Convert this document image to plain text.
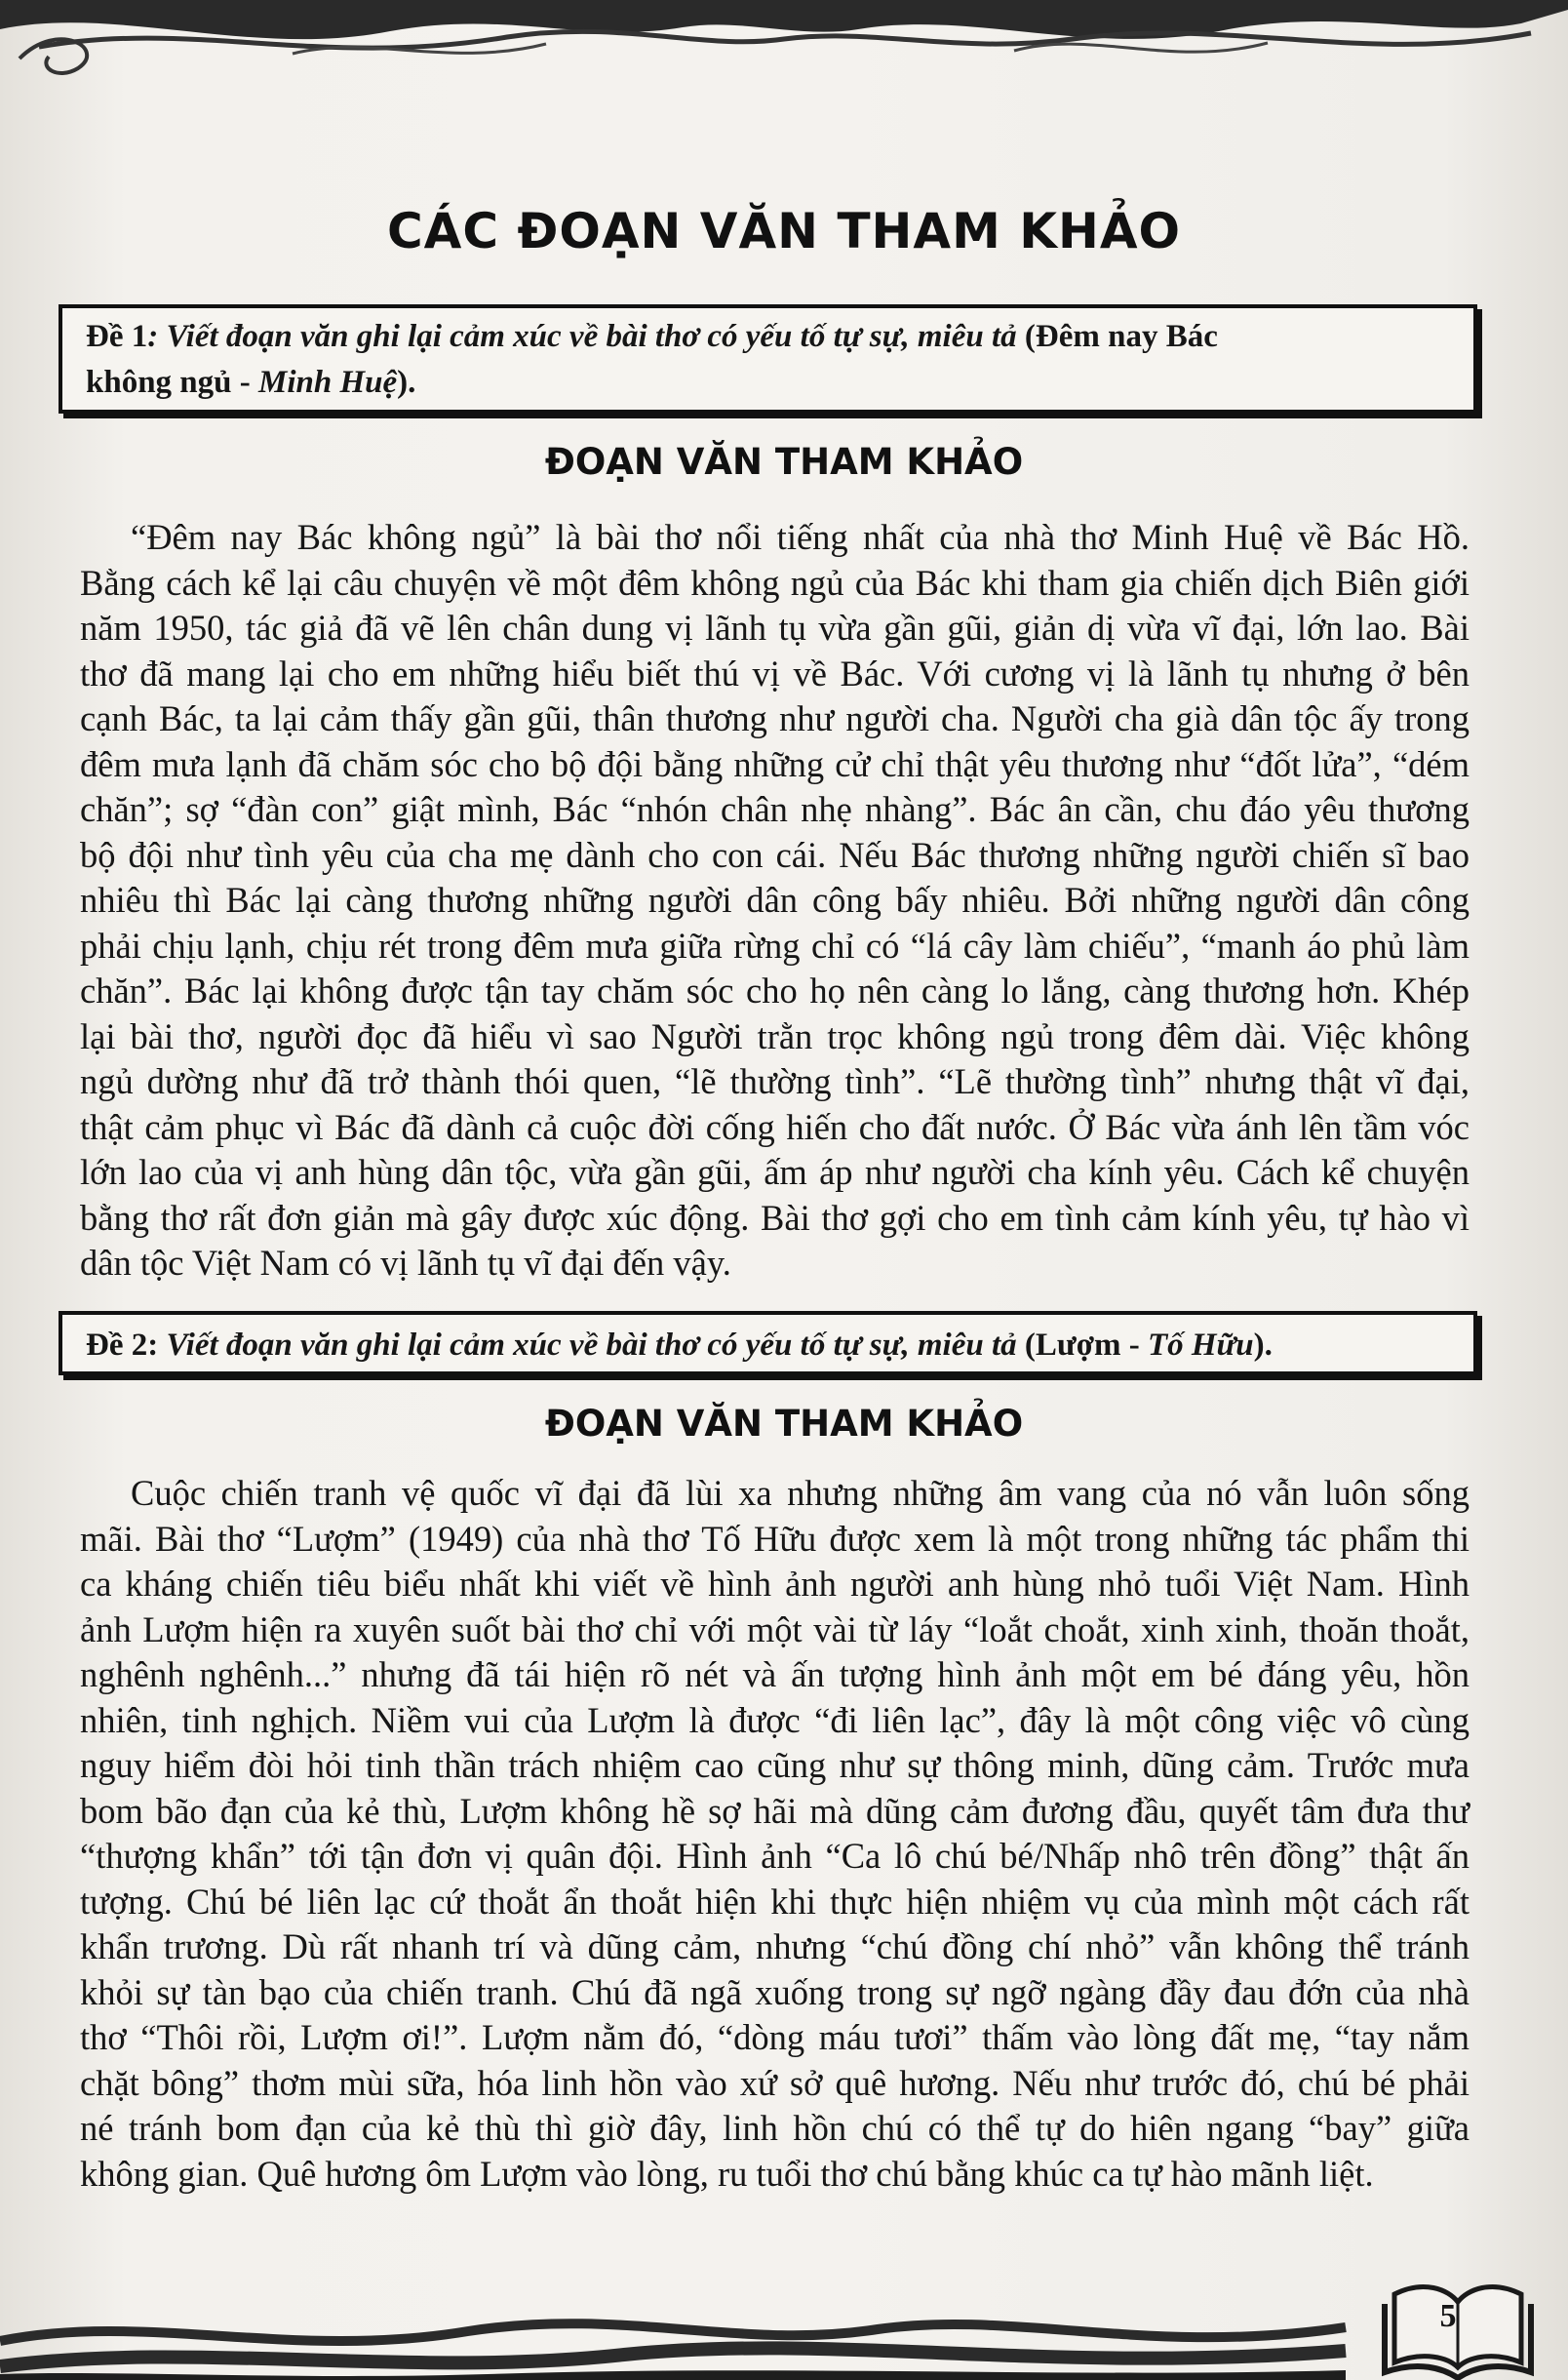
CÁC ĐOẠN VĂN THAM KHẢO
Đề 1: Viết đoạn văn ghi lại cảm xúc về bài thơ có yếu tố tự sự, miêu tả (Đêm nay Bác
không ngủ - Minh Huệ).
ĐOẠN VĂN THAM KHẢO
“Đêm nay Bác không ngủ” là bài thơ nổi tiếng nhất của nhà thơ Minh Huệ về Bác Hồ.
Bằng cách kể lại câu chuyện về một đêm không ngủ của Bác khi tham gia chiến dịch Biên giới
năm 1950, tác giả đã vẽ lên chân dung vị lãnh tụ vừa gần gũi, giản dị vừa vĩ đại, lớn lao. Bài
thơ đã mang lại cho em những hiểu biết thú vị về Bác. Với cương vị là lãnh tụ nhưng ở bên
cạnh Bác, ta lại cảm thấy gần gũi, thân thương như người cha. Người cha già dân tộc ấy trong
đêm mưa lạnh đã chăm sóc cho bộ đội bằng những cử chỉ thật yêu thương như “đốt lửa”, “dém
chăn”; sợ “đàn con” giật mình, Bác “nhón chân nhẹ nhàng”. Bác ân cần, chu đáo yêu thương
bộ đội như tình yêu của cha mẹ dành cho con cái. Nếu Bác thương những người chiến sĩ bao
nhiêu thì Bác lại càng thương những người dân công bấy nhiêu. Bởi những người dân công
phải chịu lạnh, chịu rét trong đêm mưa giữa rừng chỉ có “lá cây làm chiếu”, “manh áo phủ làm
chăn”. Bác lại không được tận tay chăm sóc cho họ nên càng lo lắng, càng thương hơn. Khép
lại bài thơ, người đọc đã hiểu vì sao Người trằn trọc không ngủ trong đêm dài. Việc không
ngủ dường như đã trở thành thói quen, “lẽ thường tình”. “Lẽ thường tình” nhưng thật vĩ đại,
thật cảm phục vì Bác đã dành cả cuộc đời cống hiến cho đất nước. Ở Bác vừa ánh lên tầm vóc
lớn lao của vị anh hùng dân tộc, vừa gần gũi, ấm áp như người cha kính yêu. Cách kể chuyện
bằng thơ rất đơn giản mà gây được xúc động. Bài thơ gợi cho em tình cảm kính yêu, tự hào vì
dân tộc Việt Nam có vị lãnh tụ vĩ đại đến vậy.
Đề 2: Viết đoạn văn ghi lại cảm xúc về bài thơ có yếu tố tự sự, miêu tả (Lượm - Tố Hữu).
ĐOẠN VĂN THAM KHẢO
Cuộc chiến tranh vệ quốc vĩ đại đã lùi xa nhưng những âm vang của nó vẫn luôn sống
mãi. Bài thơ “Lượm” (1949) của nhà thơ Tố Hữu được xem là một trong những tác phẩm thi
ca kháng chiến tiêu biểu nhất khi viết về hình ảnh người anh hùng nhỏ tuổi Việt Nam. Hình
ảnh Lượm hiện ra xuyên suốt bài thơ chỉ với một vài từ láy “loắt choắt, xinh xinh, thoăn thoắt,
nghênh nghênh...” nhưng đã tái hiện rõ nét và ấn tượng hình ảnh một em bé đáng yêu, hồn
nhiên, tinh nghịch. Niềm vui của Lượm là được “đi liên lạc”, đây là một công việc vô cùng
nguy hiểm đòi hỏi tinh thần trách nhiệm cao cũng như sự thông minh, dũng cảm. Trước mưa
bom bão đạn của kẻ thù, Lượm không hề sợ hãi mà dũng cảm đương đầu, quyết tâm đưa thư
“thượng khẩn” tới tận đơn vị quân đội. Hình ảnh “Ca lô chú bé/Nhấp nhô trên đồng” thật ấn
tượng. Chú bé liên lạc cứ thoắt ẩn thoắt hiện khi thực hiện nhiệm vụ của mình một cách rất
khẩn trương. Dù rất nhanh trí và dũng cảm, nhưng “chú đồng chí nhỏ” vẫn không thể tránh
khỏi sự tàn bạo của chiến tranh. Chú đã ngã xuống trong sự ngỡ ngàng đầy đau đớn của nhà
thơ “Thôi rồi, Lượm ơi!”. Lượm nằm đó, “dòng máu tươi” thấm vào lòng đất mẹ, “tay nắm
chặt bông” thơm mùi sữa, hóa linh hồn vào xứ sở quê hương. Nếu như trước đó, chú bé phải
né tránh bom đạn của kẻ thù thì giờ đây, linh hồn chú có thể tự do hiên ngang “bay” giữa
không gian. Quê hương ôm Lượm vào lòng, ru tuổi thơ chú bằng khúc ca tự hào mãnh liệt.
5
